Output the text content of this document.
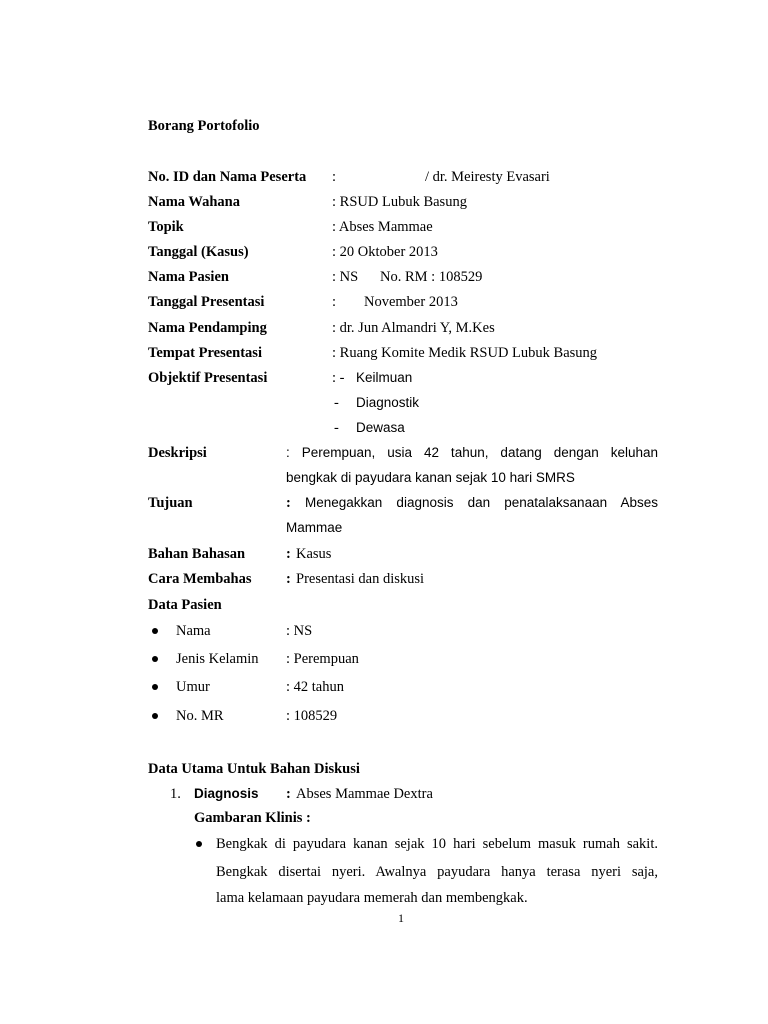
Borang Portofolio
No. ID dan Nama Peserta :	/ dr. Meiresty Evasari
Nama Wahana	: RSUD Lubuk Basung
Topik	: Abses Mammae
Tanggal (Kasus)	: 20 Oktober 2013
Nama Pasien	: NS No. RM : 108529
Tanggal Presentasi	: November 2013
Nama Pendamping	: dr. Jun Almandri Y, M.Kes
Tempat Presentasi	: Ruang Komite Medik RSUD Lubuk Basung
Objektif Presentasi	: - Keilmuan
- Diagnostik
- Dewasa
Deskripsi	: Perempuan, usia 42 tahun, datang dengan keluhan
bengkak di payudara kanan sejak 10 hari SMRS
Tujuan	: Menegakkan diagnosis dan penatalaksanaan Abses
Mammae
Bahan Bahasan	: Kasus
Cara Membahas : Presentasi dan diskusi
Data Pasien
Nama	: NS
Jenis Kelamin : Perempuan
Umur	: 42 tahun
No. MR	: 108529
Data Utama Untuk Bahan Diskusi
1. Diagnosis : Abses Mammae Dextra
Gambaran Klinis :
Bengkak di payudara kanan sejak 10 hari sebelum masuk rumah sakit.
Bengkak disertai nyeri. Awalnya payudara hanya terasa nyeri saja,
lama kelamaan payudara memerah dan membengkak.
1
